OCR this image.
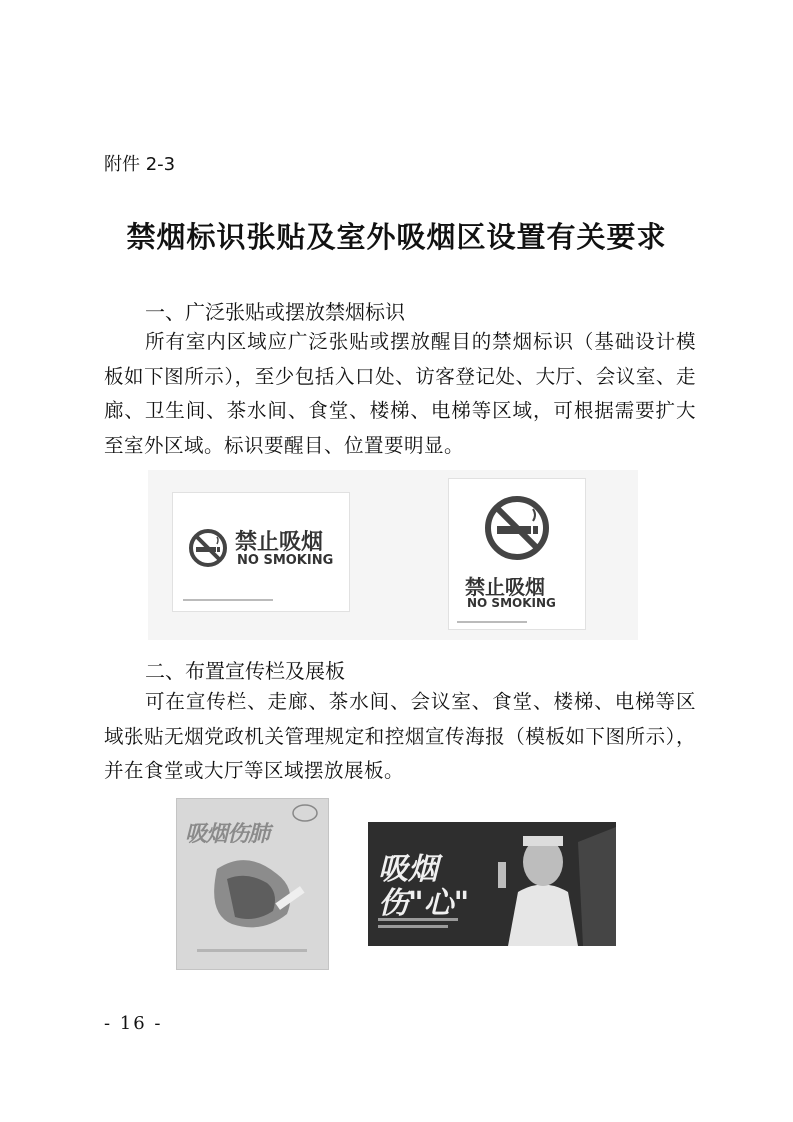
附件 2-3
禁烟标识张贴及室外吸烟区设置有关要求
一、广泛张贴或摆放禁烟标识
所有室内区域应广泛张贴或摆放醒目的禁烟标识（基础设计模板如下图所示），至少包括入口处、访客登记处、大厅、会议室、走廊、卫生间、茶水间、食堂、楼梯、电梯等区域，可根据需要扩大至室外区域。标识要醒目、位置要明显。
禁止吸烟
NO SMOKING
禁止吸烟
NO SMOKING
二、布置宣传栏及展板
可在宣传栏、走廊、茶水间、会议室、食堂、楼梯、电梯等区域张贴无烟党政机关管理规定和控烟宣传海报（模板如下图所示），并在食堂或大厅等区域摆放展板。
吸烟伤肺
吸烟
伤"心"
- 16 -
